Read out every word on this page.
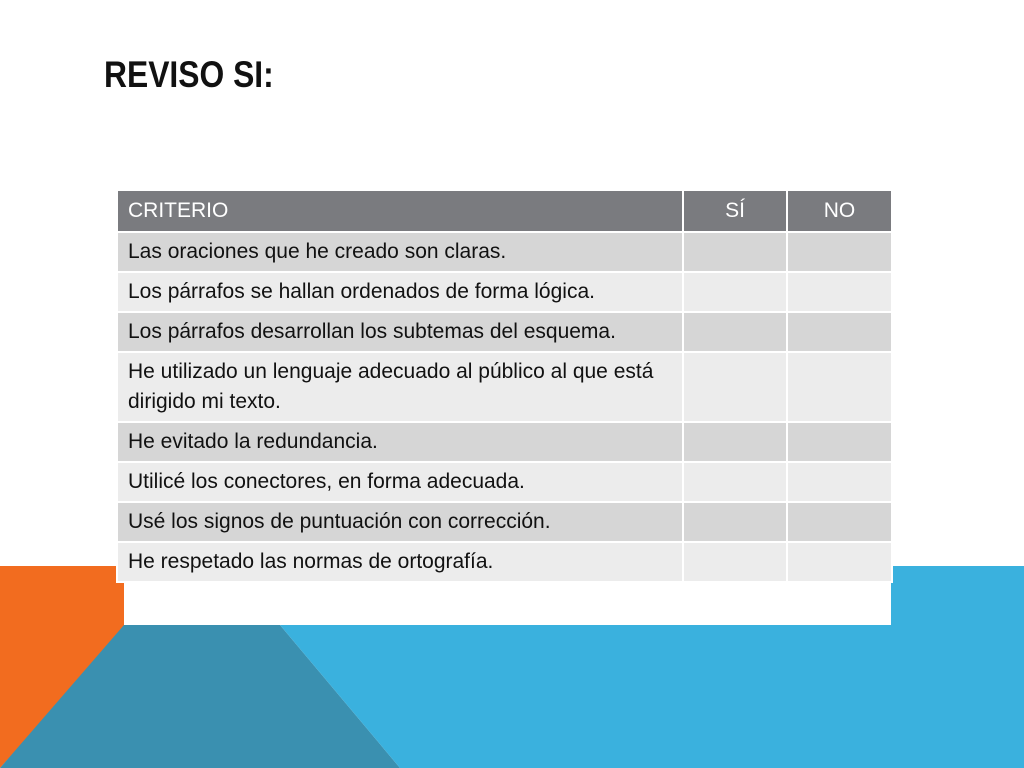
REVISO SI:
CRITERIO	SÍ	NO
Las oraciones que he creado son claras.		
Los párrafos se hallan ordenados de forma lógica.		
Los párrafos desarrollan los subtemas del esquema.		
He utilizado un lenguaje adecuado al público al que está dirigido mi texto.		
He evitado la redundancia.		
Utilicé los conectores, en forma adecuada.		
Usé los signos de puntuación con corrección.		
He respetado las normas de ortografía.		
